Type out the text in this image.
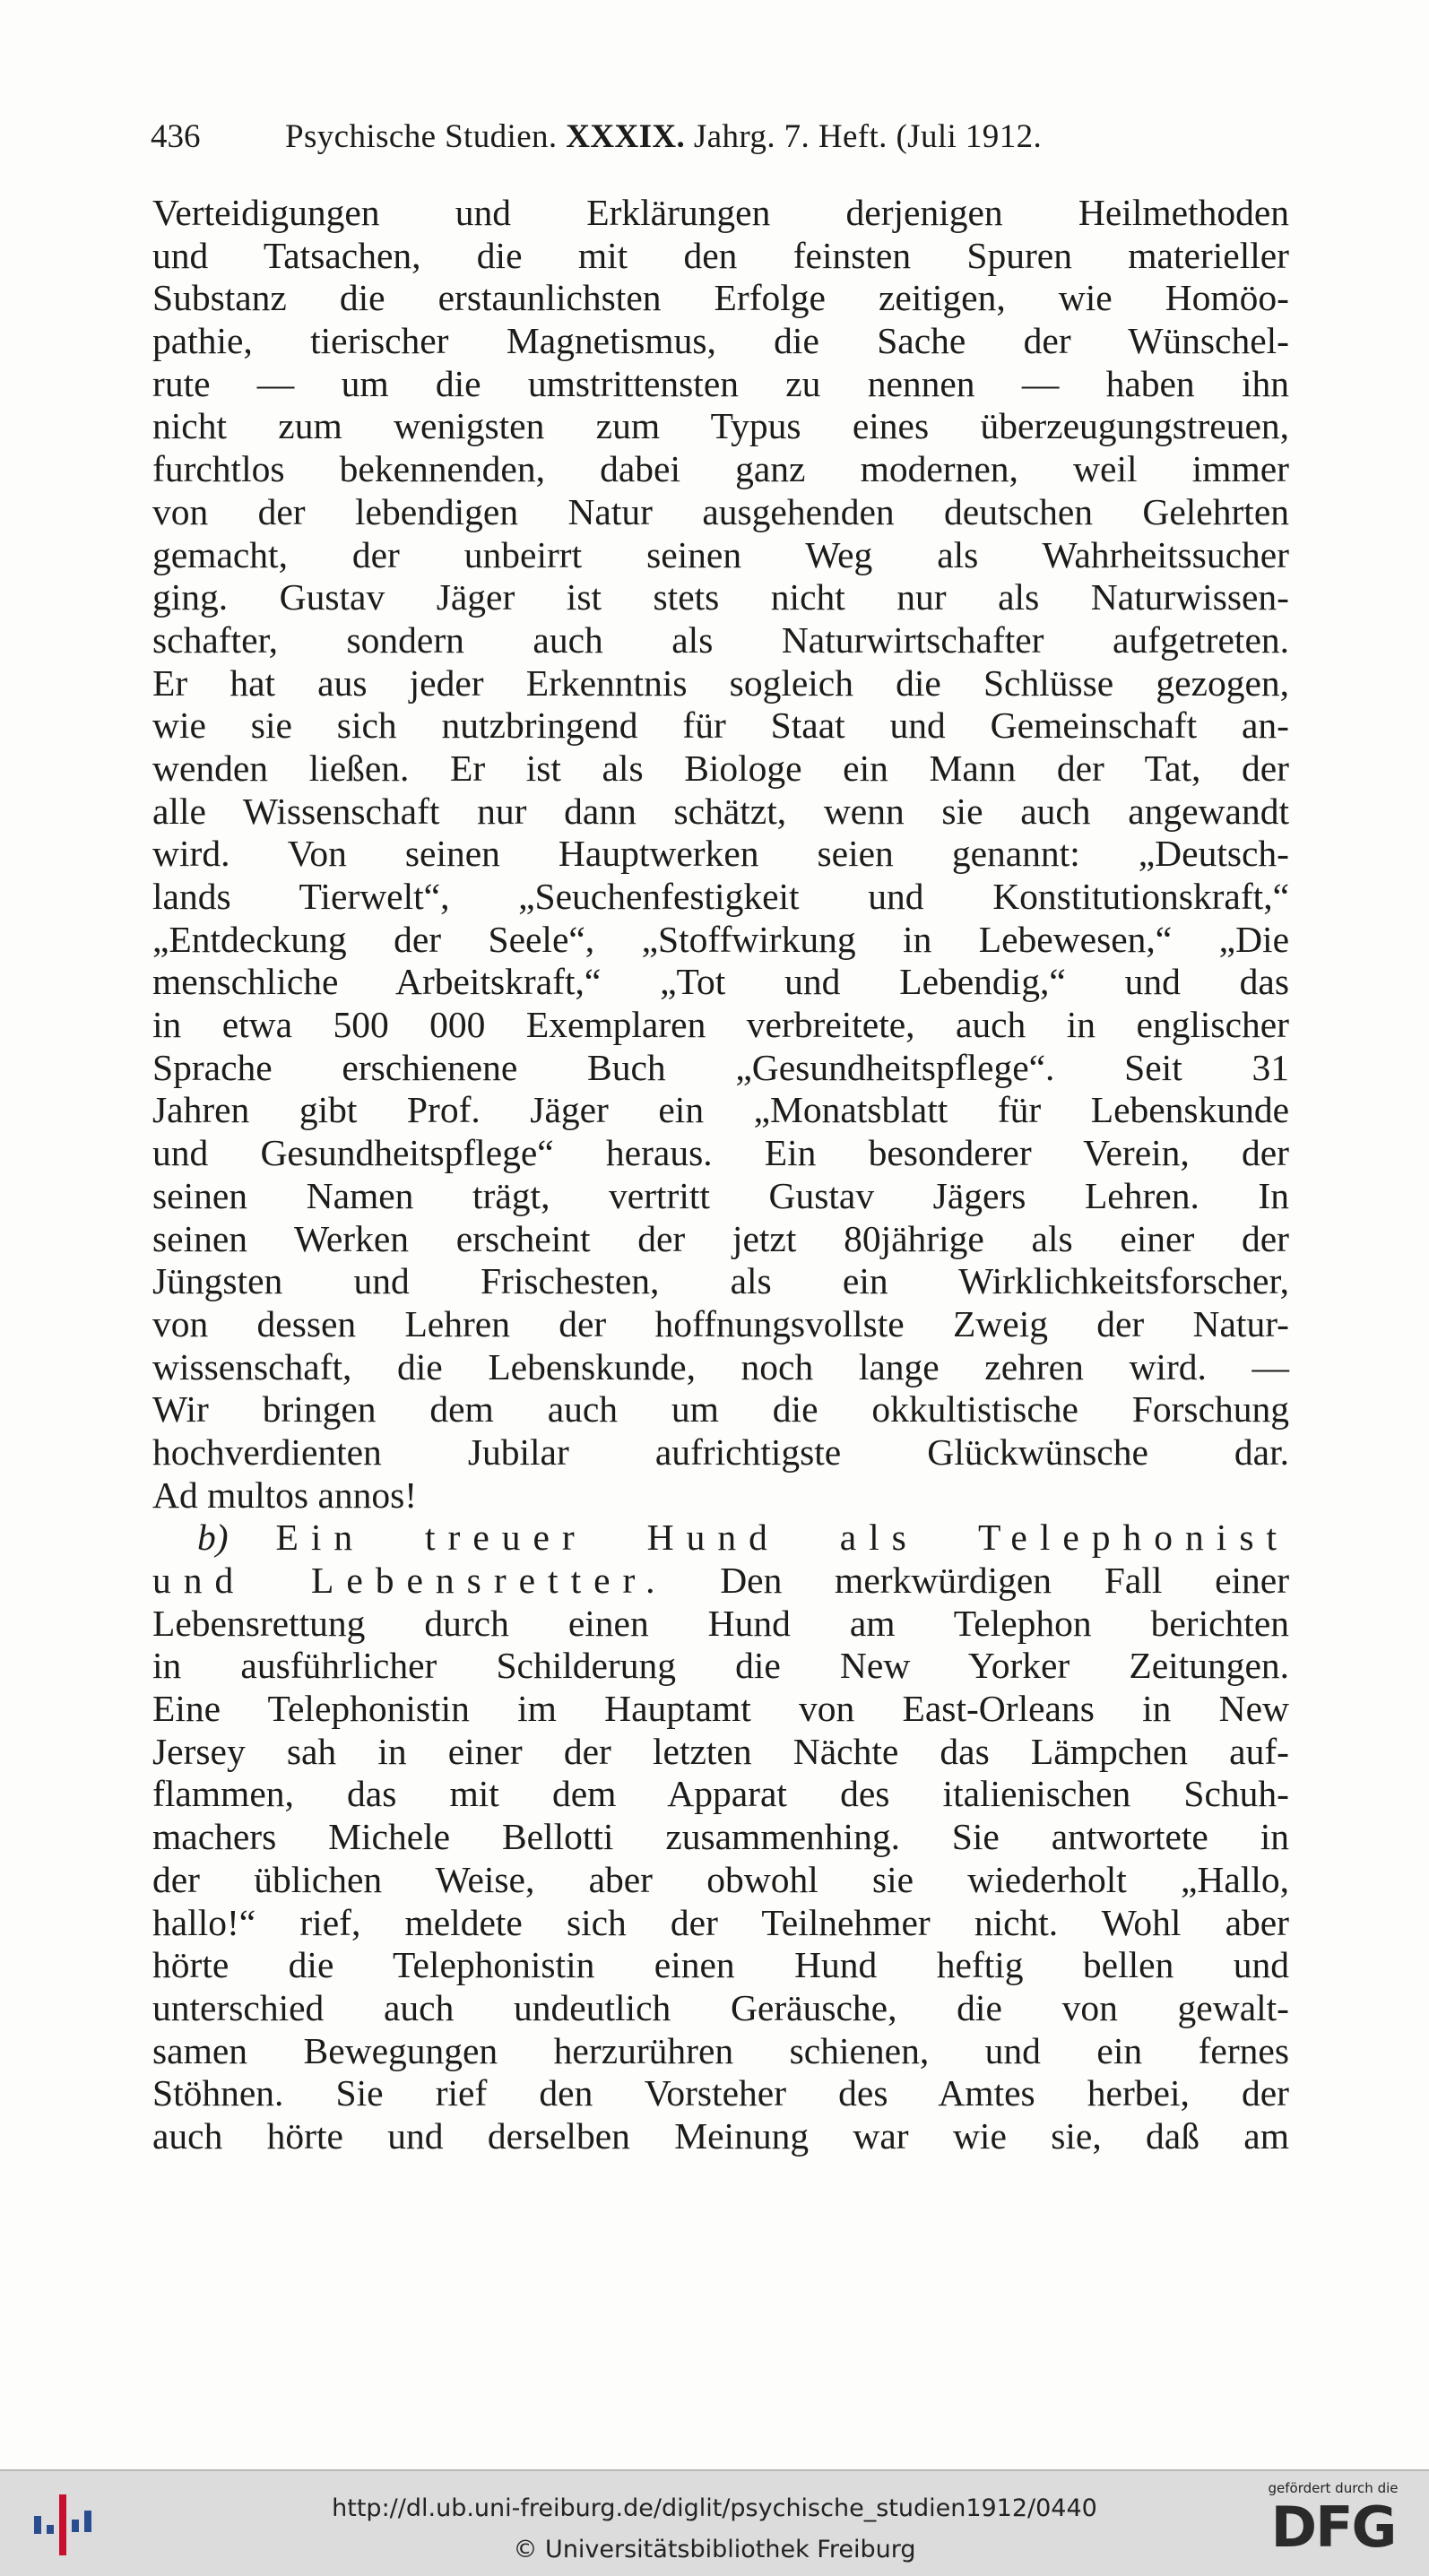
436	Psychische Studien. XXXIX. Jahrg. 7. Heft. (Juli 1912.
Verteidigungen und Erklärungen derjenigen Heilmethoden
und Tatsachen, die mit den feinsten Spuren materieller
Substanz die erstaunlichsten Erfolge zeitigen, wie Homöo-
pathie, tierischer Magnetismus, die Sache der Wünschel-
rute — um die umstrittensten zu nennen — haben ihn
nicht zum wenigsten zum Typus eines überzeugungstreuen,
furchtlos bekennenden, dabei ganz modernen, weil immer
von der lebendigen Natur ausgehenden deutschen Gelehrten
gemacht, der unbeirrt seinen Weg als Wahrheitssucher
ging. Gustav Jäger ist stets nicht nur als Naturwissen-
schafter, sondern auch als Naturwirtschafter aufgetreten.
Er hat aus jeder Erkenntnis sogleich die Schlüsse gezogen,
wie sie sich nutzbringend für Staat und Gemeinschaft an-
wenden ließen. Er ist als Biologe ein Mann der Tat, der
alle Wissenschaft nur dann schätzt, wenn sie auch angewandt
wird. Von seinen Hauptwerken seien genannt: „Deutsch-
lands Tierwelt“, „Seuchenfestigkeit und Konstitutionskraft,“
„Entdeckung der Seele“, „Stoffwirkung in Lebewesen,“ „Die
menschliche Arbeitskraft,“ „Tot und Lebendig,“ und das
in etwa 500 000 Exemplaren verbreitete, auch in englischer
Sprache erschienene Buch „Gesundheitspflege“. Seit 31
Jahren gibt Prof. Jäger ein „Monatsblatt für Lebenskunde
und Gesundheitspflege“ heraus. Ein besonderer Verein, der
seinen Namen trägt, vertritt Gustav Jägers Lehren. In
seinen Werken erscheint der jetzt 80jährige als einer der
Jüngsten und Frischesten, als ein Wirklichkeitsforscher,
von dessen Lehren der hoffnungsvollste Zweig der Natur-
wissenschaft, die Lebenskunde, noch lange zehren wird. —
Wir bringen dem auch um die okkultistische Forschung
hochverdienten Jubilar aufrichtigste Glückwünsche dar.
Ad multos annos!
b) Ein treuer Hund als Telephonist
und Lebensretter. Den merkwürdigen Fall einer
Lebensrettung durch einen Hund am Telephon berichten
in ausführlicher Schilderung die New Yorker Zeitungen.
Eine Telephonistin im Hauptamt von East-Orleans in New
Jersey sah in einer der letzten Nächte das Lämpchen auf-
flammen, das mit dem Apparat des italienischen Schuh-
machers Michele Bellotti zusammenhing. Sie antwortete in
der üblichen Weise, aber obwohl sie wiederholt „Hallo,
hallo!“ rief, meldete sich der Teilnehmer nicht. Wohl aber
hörte die Telephonistin einen Hund heftig bellen und
unterschied auch undeutlich Geräusche, die von gewalt-
samen Bewegungen herzurühren schienen, und ein fernes
Stöhnen. Sie rief den Vorsteher des Amtes herbei, der
auch hörte und derselben Meinung war wie sie, daß am
http://dl.ub.uni-freiburg.de/diglit/psychische_studien1912/0440
© Universitätsbibliothek Freiburg
gefördert durch die
DFG
